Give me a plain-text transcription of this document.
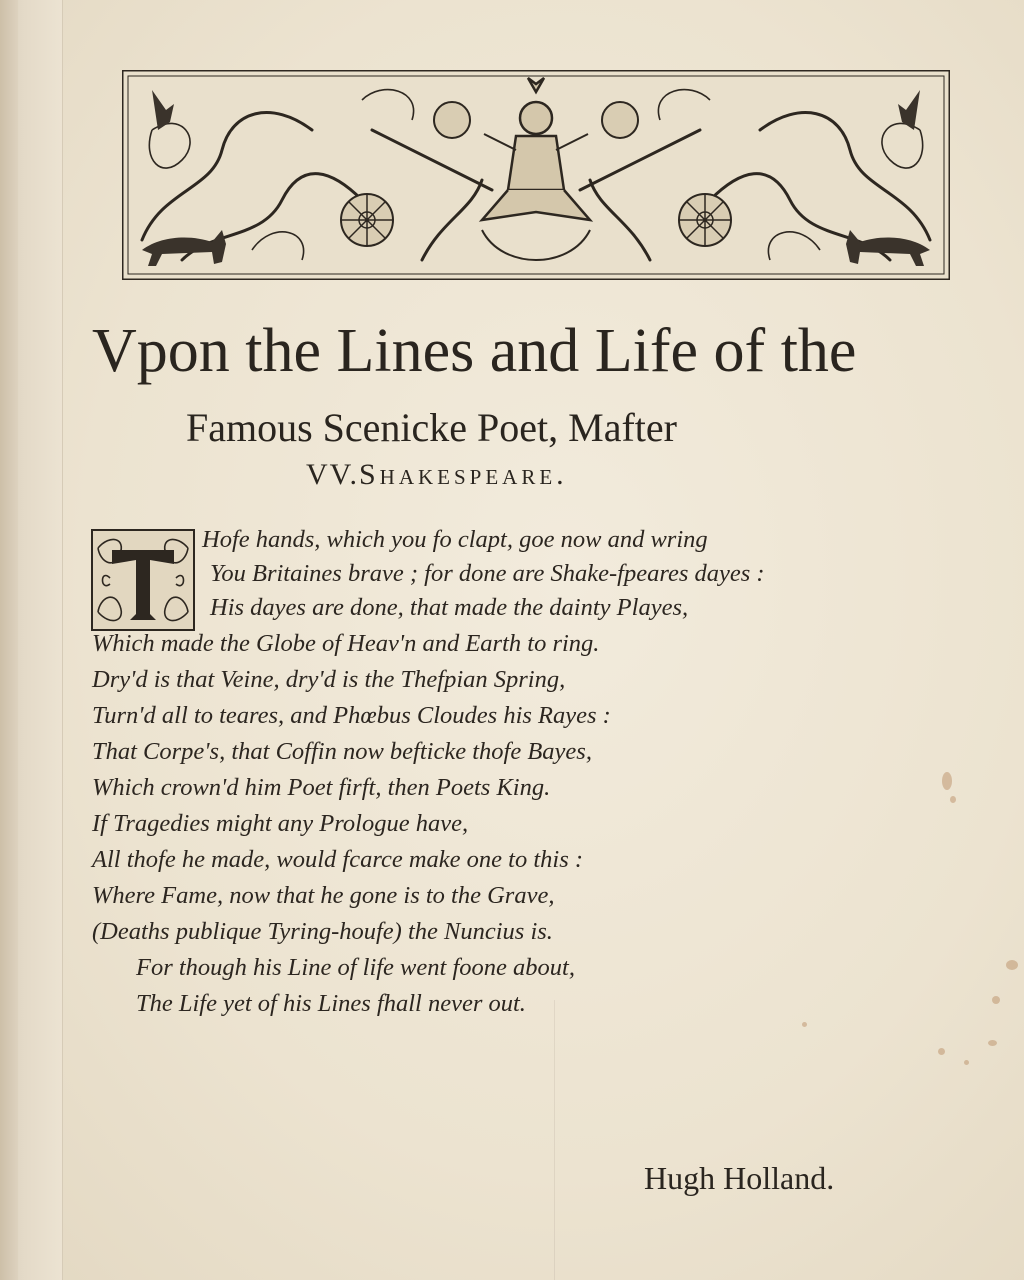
Vpon the Lines and Life of the
Famous Scenicke Poet, Mafter
VV.Shakespeare.
Hofe hands, which you fo clapt, goe now and wring
You Britaines brave ; for done are Shake-fpeares dayes :
His dayes are done, that made the dainty Playes,
Which made the Globe of Heav'n and Earth to ring.
Dry'd is that Veine, dry'd is the Thefpian Spring,
Turn'd all to teares, and Phœbus Cloudes his Rayes :
That Corpe's, that Coffin now befticke thofe Bayes,
Which crown'd him Poet firft, then Poets King.
If Tragedies might any Prologue have,
All thofe he made, would fcarce make one to this :
Where Fame, now that he gone is to the Grave,
(Deaths publique Tyring-houfe) the Nuncius is.
For though his Line of life went foone about,
The Life yet of his Lines fhall never out.
Hugh Holland.
